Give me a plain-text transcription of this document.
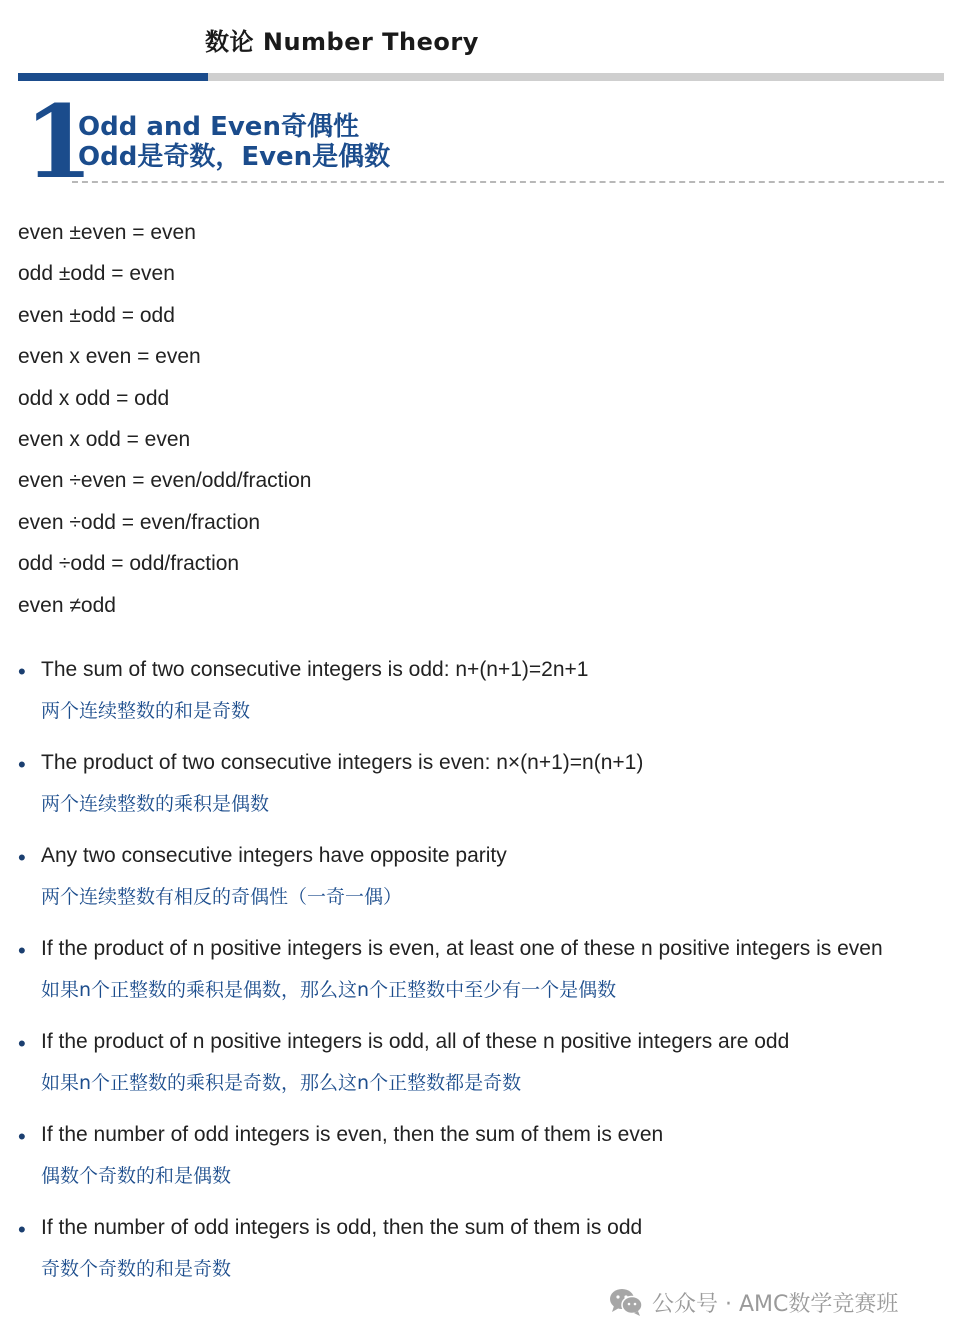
数论 Number Theory
1
Odd and Even奇偶性
Odd是奇数，Even是偶数
even ±even = even
odd ±odd = even
even ±odd = odd
even x even = even
odd x odd = odd
even x odd = even
even ÷even = even/odd/fraction
even ÷odd = even/fraction
odd ÷odd = odd/fraction
even ≠odd
• The sum of two consecutive integers is odd: n+(n+1)=2n+1
两个连续整数的和是奇数
• The product of two consecutive integers is even: n×(n+1)=n(n+1)
两个连续整数的乘积是偶数
• Any two consecutive integers have opposite parity
两个连续整数有相反的奇偶性（一奇一偶）
• If the product of n positive integers is even, at least one of these n positive integers is even
如果n个正整数的乘积是偶数，那么这n个正整数中至少有一个是偶数
• If the product of n positive integers is odd, all of these n positive integers are odd
如果n个正整数的乘积是奇数，那么这n个正整数都是奇数
• If the number of odd integers is even, then the sum of them is even
偶数个奇数的和是偶数
• If the number of odd integers is odd, then the sum of them is odd
奇数个奇数的和是奇数
公众号 · AMC数学竞赛班
